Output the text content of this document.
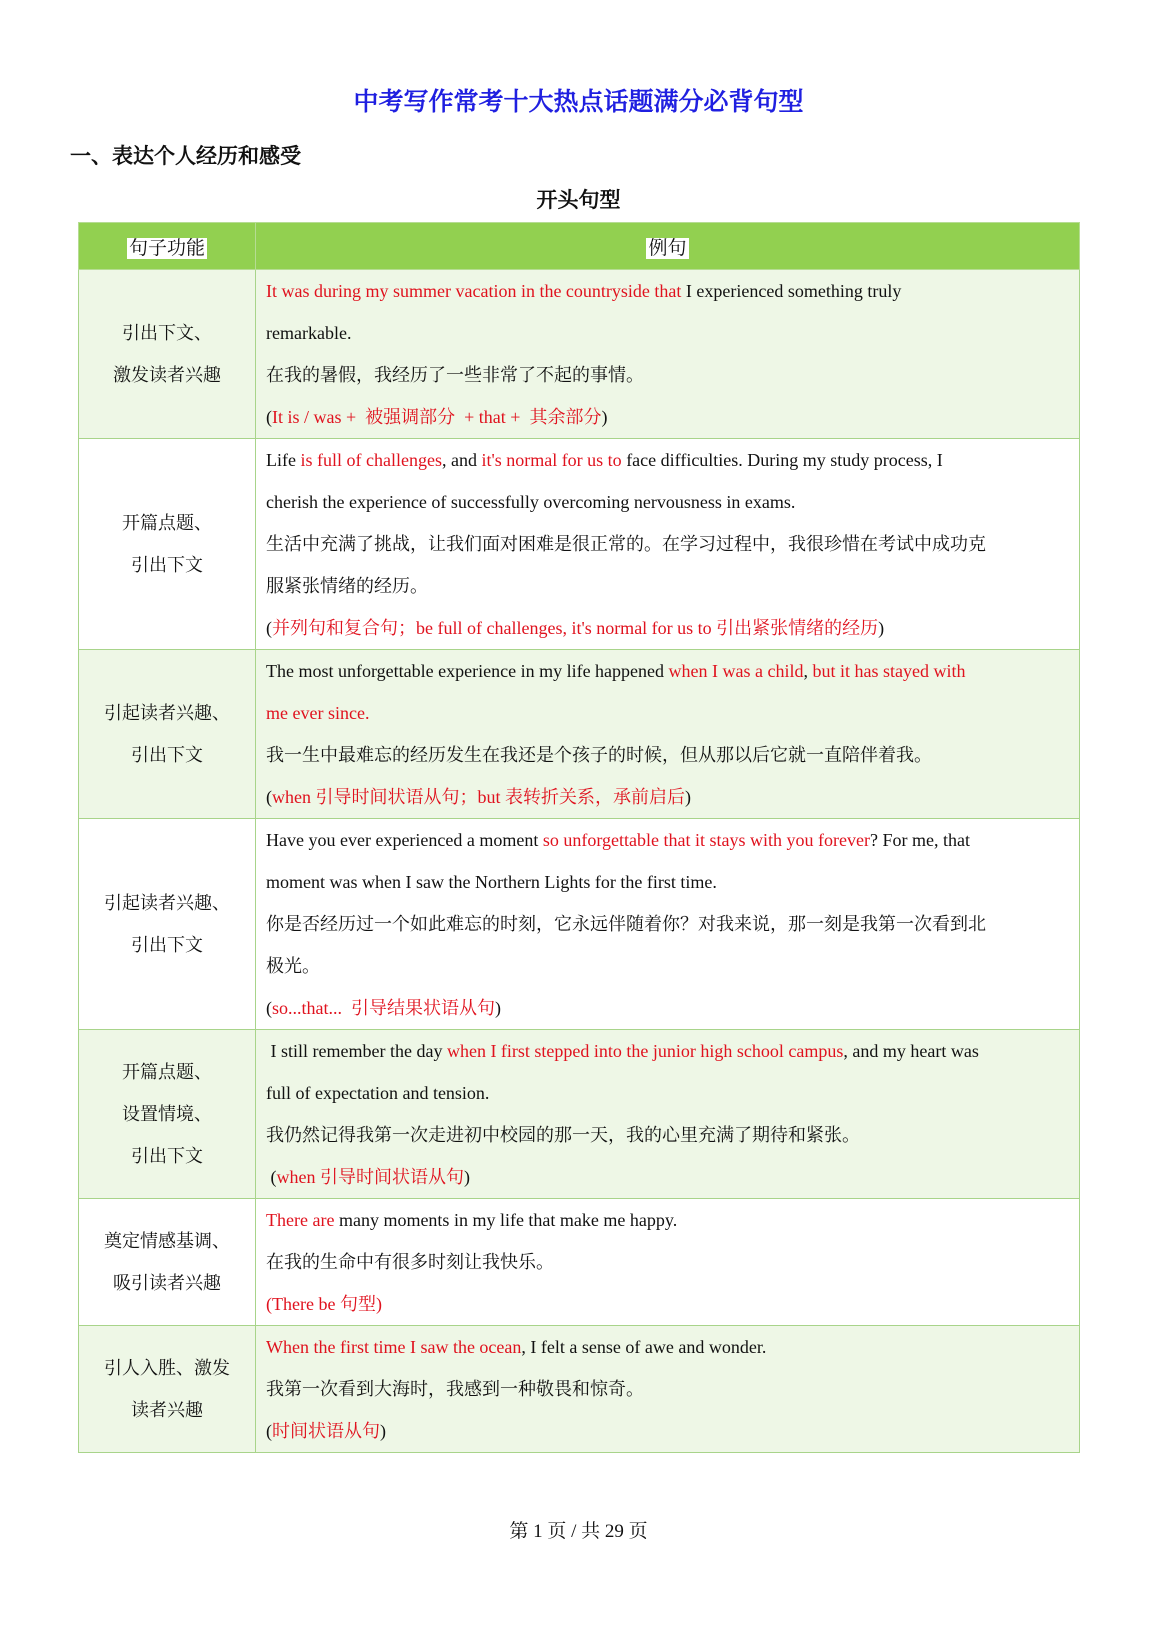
中考写作常考十大热点话题满分必背句型
一、表达个人经历和感受
开头句型
句子功能	例句

引出下文、
激发读者兴趣	It was during my summer vacation in the countryside that I experienced something truly
remarkable.
在我的暑假，我经历了一些非常了不起的事情。
(It is / was +  被强调部分  + that +  其余部分)

开篇点题、
引出下文	Life is full of challenges, and it's normal for us to face difficulties. During my study process, I
cherish the experience of successfully overcoming nervousness in exams.
生活中充满了挑战，让我们面对困难是很正常的。在学习过程中，我很珍惜在考试中成功克
服紧张情绪的经历。
(并列句和复合句；be full of challenges, it's normal for us to 引出紧张情绪的经历)

引起读者兴趣、
引出下文	The most unforgettable experience in my life happened when I was a child, but it has stayed with
me ever since.
我一生中最难忘的经历发生在我还是个孩子的时候，但从那以后它就一直陪伴着我。
(when 引导时间状语从句；but 表转折关系，承前启后)

引起读者兴趣、
引出下文	Have you ever experienced a moment so unforgettable that it stays with you forever? For me, that
moment was when I saw the Northern Lights for the first time.
你是否经历过一个如此难忘的时刻，它永远伴随着你？对我来说，那一刻是我第一次看到北
极光。
(so...that...  引导结果状语从句)

开篇点题、
设置情境、
引出下文	I still remember the day when I first stepped into the junior high school campus, and my heart was
full of expectation and tension.
我仍然记得我第一次走进初中校园的那一天，我的心里充满了期待和紧张。
(when 引导时间状语从句)

奠定情感基调、
吸引读者兴趣	There are many moments in my life that make me happy.
在我的生命中有很多时刻让我快乐。
(There be 句型)

引人入胜、激发
读者兴趣	When the first time I saw the ocean, I felt a sense of awe and wonder.
我第一次看到大海时，我感到一种敬畏和惊奇。
(时间状语从句)
第 1 页 / 共 29 页
